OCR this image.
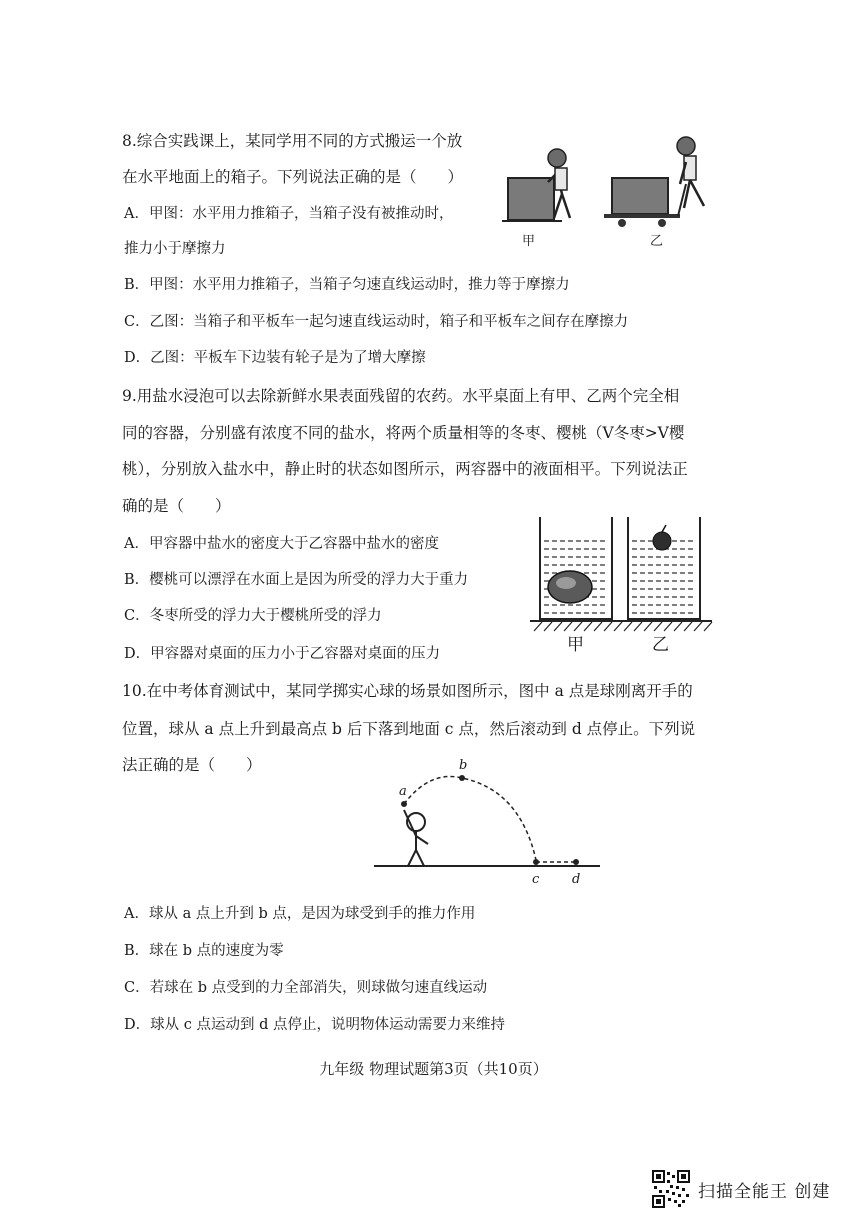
8.综合实践课上，某同学用不同的方式搬运一个放
在水平地面上的箱子。下列说法正确的是（　　）
A．甲图：水平用力推箱子，当箱子没有被推动时，
推力小于摩擦力
B．甲图：水平用力推箱子，当箱子匀速直线运动时，推力等于摩擦力
C．乙图：当箱子和平板车一起匀速直线运动时，箱子和平板车之间存在摩擦力
D．乙图：平板车下边装有轮子是为了增大摩擦
甲	乙
9.用盐水浸泡可以去除新鲜水果表面残留的农药。水平桌面上有甲、乙两个完全相
同的容器，分别盛有浓度不同的盐水，将两个质量相等的冬枣、樱桃（V冬枣>V樱
桃），分别放入盐水中，静止时的状态如图所示，两容器中的液面相平。下列说法正
确的是（　　）
A．甲容器中盐水的密度大于乙容器中盐水的密度
B．樱桃可以漂浮在水面上是因为所受的浮力大于重力
C．冬枣所受的浮力大于樱桃所受的浮力
D．甲容器对桌面的压力小于乙容器对桌面的压力	甲	乙
10.在中考体育测试中，某同学掷实心球的场景如图所示，图中 a 点是球刚离开手的
位置，球从 a 点上升到最高点 b 后下落到地面 c 点，然后滚动到 d 点停止。下列说
法正确的是（　　）
a
b
c	d
A．球从 a 点上升到 b 点，是因为球受到手的推力作用
B．球在 b 点的速度为零
C．若球在 b 点受到的力全部消失，则球做匀速直线运动
D．球从 c 点运动到 d 点停止，说明物体运动需要力来维持
九年级 物理试题第3页（共10页）
扫描全能王 创建
